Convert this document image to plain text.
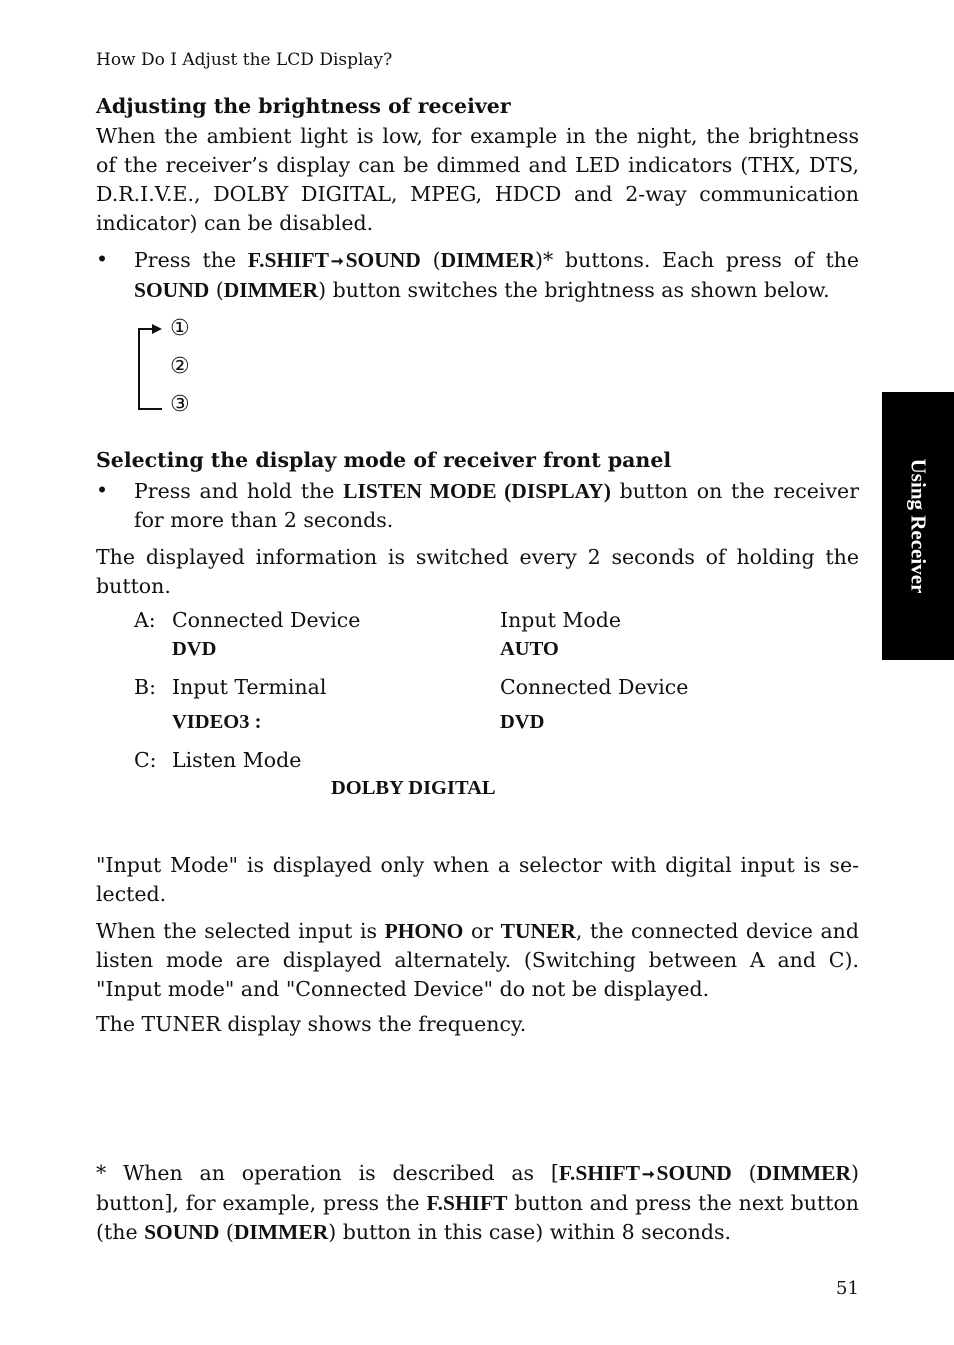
How Do I Adjust the LCD Display?
Adjusting the brightness of receiver
When the ambient light is low, for example in the night, the brightness of the receiver’s display can be dimmed and LED indicators (THX, DTS, D.R.I.V.E., DOLBY DIGITAL, MPEG, HDCD and 2-way communication indicator) can be disabled.
• Press the F.SHIFT ➞SOUND (DIMMER)* buttons. Each press of the SOUND (DIMMER) button switches the brightness as shown below.
①
②
③
Selecting the display mode of receiver front panel
• Press and hold the LISTEN MODE (DISPLAY) button on the receiver for more than 2 seconds.
The displayed information is switched every 2 seconds of holding the button.
A: Connected Device	Input Mode
DVD	AUTO
B: Input Terminal	Connected Device
VIDEO3 :	DVD
C: Listen Mode
DOLBY DIGITAL
"Input Mode" is displayed only when a selector with digital input is se-lected.
When the selected input is PHONO or TUNER, the connected device and listen mode are displayed alternately. (Switching between A and C). "Input mode" and "Connected Device" do not be displayed.
The TUNER display shows the frequency.
* When an operation is described as [F.SHIFT ➞SOUND (DIMMER) button], for example, press the F.SHIFT button and press the next button (the SOUND (DIMMER) button in this case) within 8 seconds.
Using Receiver
51
